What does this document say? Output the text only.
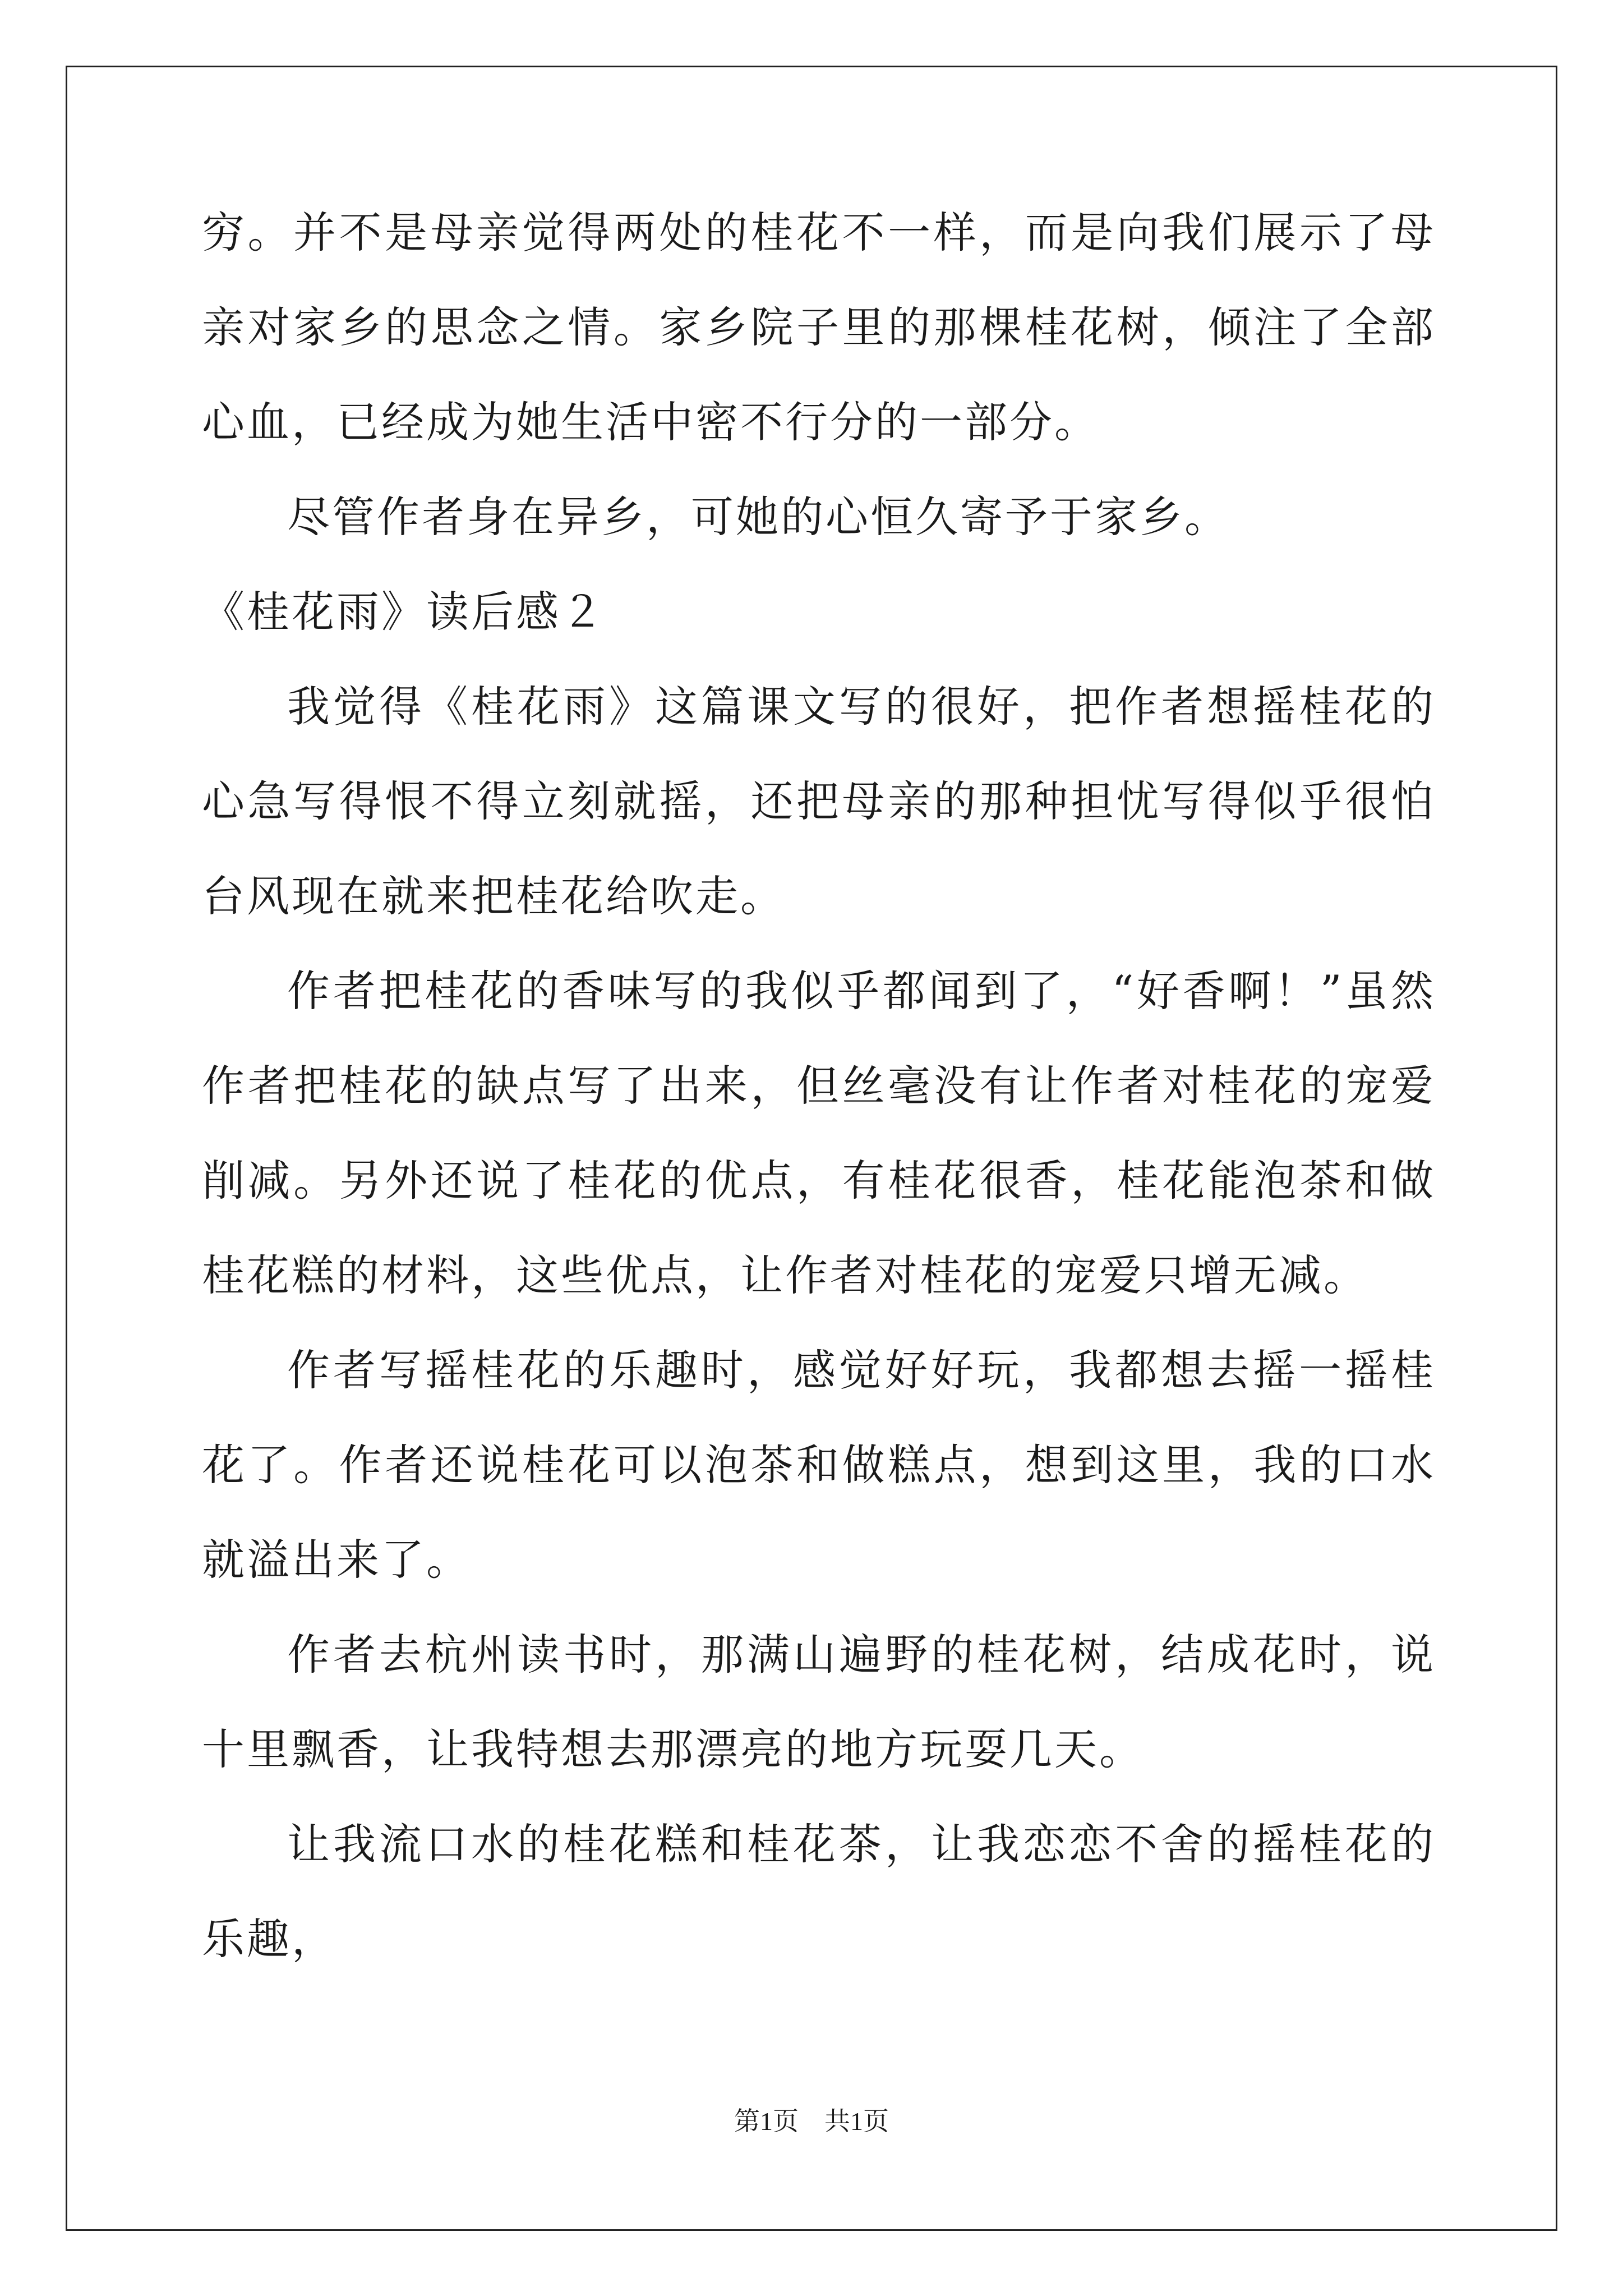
穷。并不是母亲觉得两处的桂花不一样，而是向我们展示了母亲对家乡的思念之情。家乡院子里的那棵桂花树，倾注了全部心血，已经成为她生活中密不行分的一部分。

尽管作者身在异乡，可她的心恒久寄予于家乡。

《桂花雨》读后感２

我觉得《桂花雨》这篇课文写的很好，把作者想摇桂花的心急写得恨不得立刻就摇，还把母亲的那种担忧写得似乎很怕台风现在就来把桂花给吹走。

作者把桂花的香味写的我似乎都闻到了，“好香啊！”虽然作者把桂花的缺点写了出来，但丝毫没有让作者对桂花的宠爱削减。另外还说了桂花的优点，有桂花很香，桂花能泡茶和做桂花糕的材料，这些优点，让作者对桂花的宠爱只增无减。

作者写摇桂花的乐趣时，感觉好好玩，我都想去摇一摇桂花了。作者还说桂花可以泡茶和做糕点，想到这里，我的口水就溢出来了。

作者去杭州读书时，那满山遍野的桂花树，结成花时，说十里飘香，让我特想去那漂亮的地方玩耍几天。

让我流口水的桂花糕和桂花茶，让我恋恋不舍的摇桂花的乐趣，

第1页 共1页
